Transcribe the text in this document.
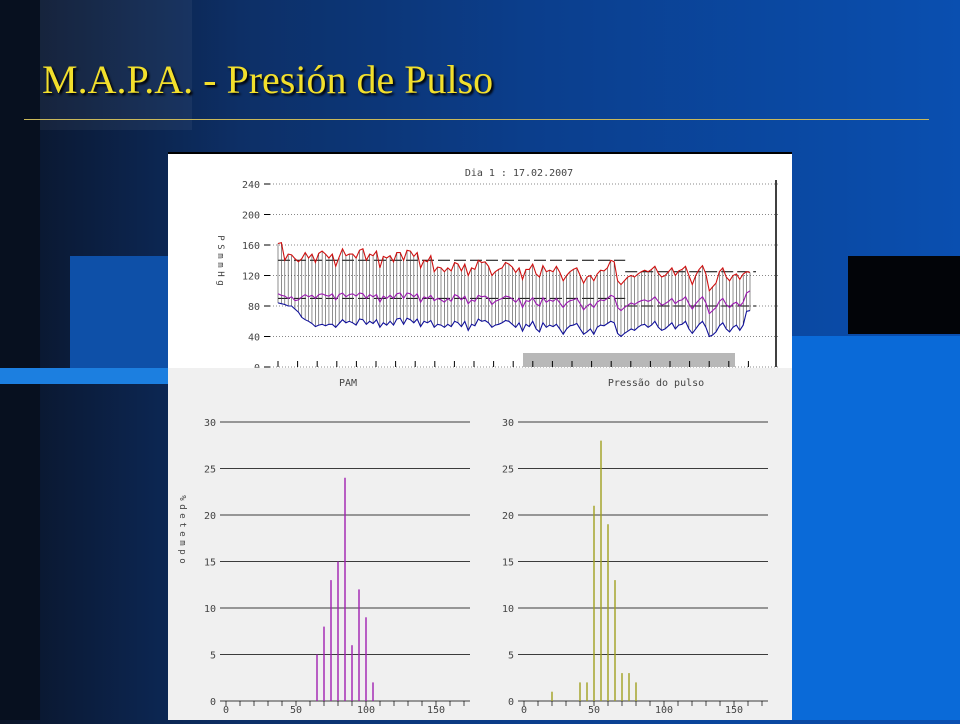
M.A.P.A. - Presión de Pulso
Dia 1 : 17.02.2007
P
S
m
m
H
g
40
80
120
160
200
240
PAM	Pressão do pulso
%
d
e
t
e
m
p
o
0
5
10
15
20
25
30
0	50	100	150
0
5
10
15
20
25
30
0	50	100	150
